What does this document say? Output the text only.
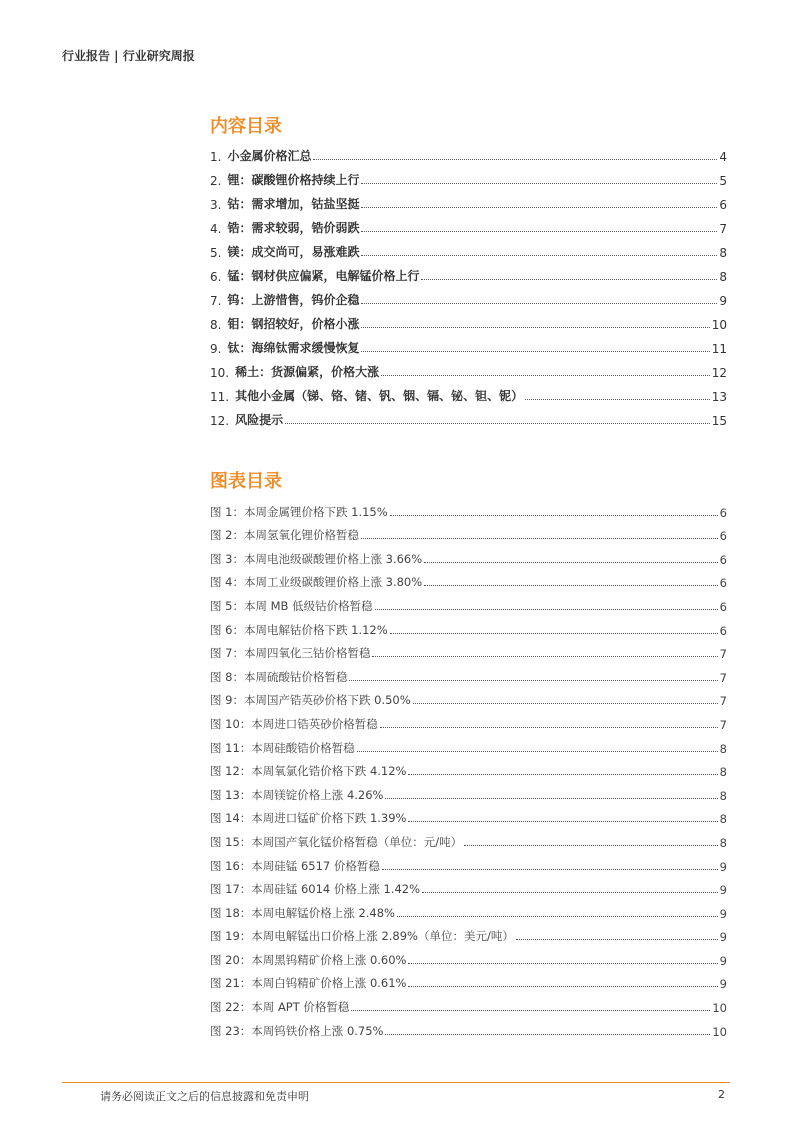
行业报告 | 行业研究周报
内容目录
1. 小金属价格汇总	4
2. 锂：碳酸锂价格持续上行	5
3. 钴：需求增加，钴盐坚挺	6
4. 锆：需求较弱，锆价弱跌	7
5. 镁：成交尚可，易涨难跌	8
6. 锰：钢材供应偏紧，电解锰价格上行	8
7. 钨：上游惜售，钨价企稳	9
8. 钼：钢招较好，价格小涨	10
9. 钛：海绵钛需求缓慢恢复	11
10. 稀土：货源偏紧，价格大涨	12
11. 其他小金属（锑、铬、锗、钒、铟、镉、铋、钽、铌）	13
12. 风险提示	15
图表目录
图 1：本周金属锂价格下跌 1.15%	6
图 2：本周氢氧化锂价格暂稳	6
图 3：本周电池级碳酸锂价格上涨 3.66%	6
图 4：本周工业级碳酸锂价格上涨 3.80%	6
图 5：本周 MB 低级钴价格暂稳	6
图 6：本周电解钴价格下跌 1.12%	6
图 7：本周四氧化三钴价格暂稳	7
图 8：本周硫酸钴价格暂稳	7
图 9：本周国产锆英砂价格下跌 0.50%	7
图 10：本周进口锆英砂价格暂稳	7
图 11：本周硅酸锆价格暂稳	8
图 12：本周氧氯化锆价格下跌 4.12%	8
图 13：本周镁锭价格上涨 4.26%	8
图 14：本周进口锰矿价格下跌 1.39%	8
图 15：本周国产氧化锰价格暂稳（单位：元/吨）	8
图 16：本周硅锰 6517 价格暂稳	9
图 17：本周硅锰 6014 价格上涨 1.42%	9
图 18：本周电解锰价格上涨 2.48%	9
图 19：本周电解锰出口价格上涨 2.89%（单位：美元/吨）	9
图 20：本周黑钨精矿价格上涨 0.60%	9
图 21：本周白钨精矿价格上涨 0.61%	9
图 22：本周 APT 价格暂稳	10
图 23：本周钨铁价格上涨 0.75%	10
请务必阅读正文之后的信息披露和免责申明	2
